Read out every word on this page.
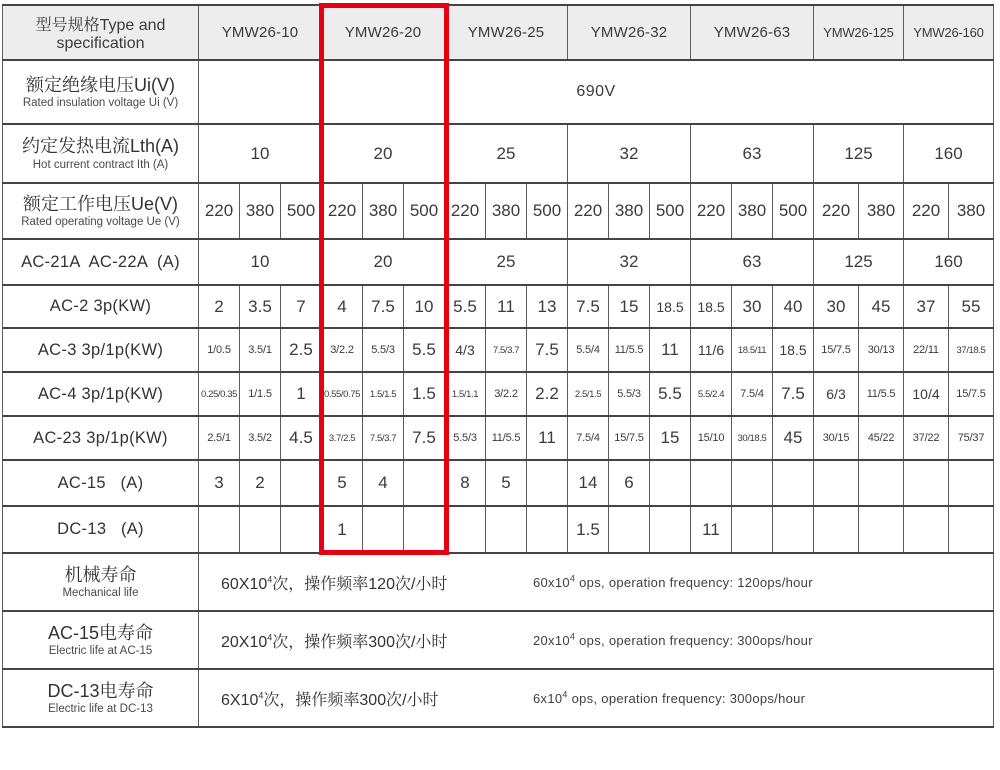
型号规格Type and specification	YMW26-10			YMW26-20			YMW26-25			YMW26-32			YMW26-63			YMW26-125		YMW26-160	

额定绝缘电压Ui(V)
Rated insulation voltage Ui (V)	690V																		

约定发热电流Lth(A)
Hot current contract Ith (A)	10			20			25			32			63			125		160	

额定工作电压Ue(V)
Rated operating voltage Ue (V)	220	380	500	220	380	500	220	380	500	220	380	500	220	380	500	220	380	220	380

AC-21A  AC-22A  (A)	10			20			25			32			63			125		160	

AC-2 3p(KW)	2	3.5	7	4	7.5	10	5.5	11	13	7.5	15	18.5	18.5	30	40	30	45	37	55

AC-3 3p/1p(KW)	1/0.5	3.5/1	2.5	3/2.2	5.5/3	5.5	4/3	7.5/3.7	7.5	5.5/4	11/5.5	11	11/6	18.5/11	18.5	15/7.5	30/13	22/11	37/18.5

AC-4 3p/1p(KW)	0.25/0.35	1/1.5	1	0.55/0.75	1.5/1.5	1.5	1.5/1.1	3/2.2	2.2	2.5/1.5	5.5/3	5.5	5.5/2.4	7.5/4	7.5	6/3	11/5.5	10/4	15/7.5

AC-23 3p/1p(KW)	2.5/1	3.5/2	4.5	3.7/2.5	7.5/3.7	7.5	5.5/3	11/5.5	11	7.5/4	15/7.5	15	15/10	30/18.5	45	30/15	45/22	37/22	75/37

AC-15   (A)	3	2		5	4		8	5		14	6								

DC-13   (A)				1						1.5			11						

机械寿命
Mechanical life	$60X10^4$次，操作频率120次/小时 $60x10^4$ ops, operation frequency: 120ops/hour																		

AC-15电寿命
Electric life at AC-15	$20X10^4$次，操作频率300次/小时 $20x10^4$ ops, operation frequency: 300ops/hour																		

DC-13电寿命
Electric life at DC-13	$6X10^4$次，操作频率300次/小时 $6x10^4$ ops, operation frequency: 300ops/hour																		
